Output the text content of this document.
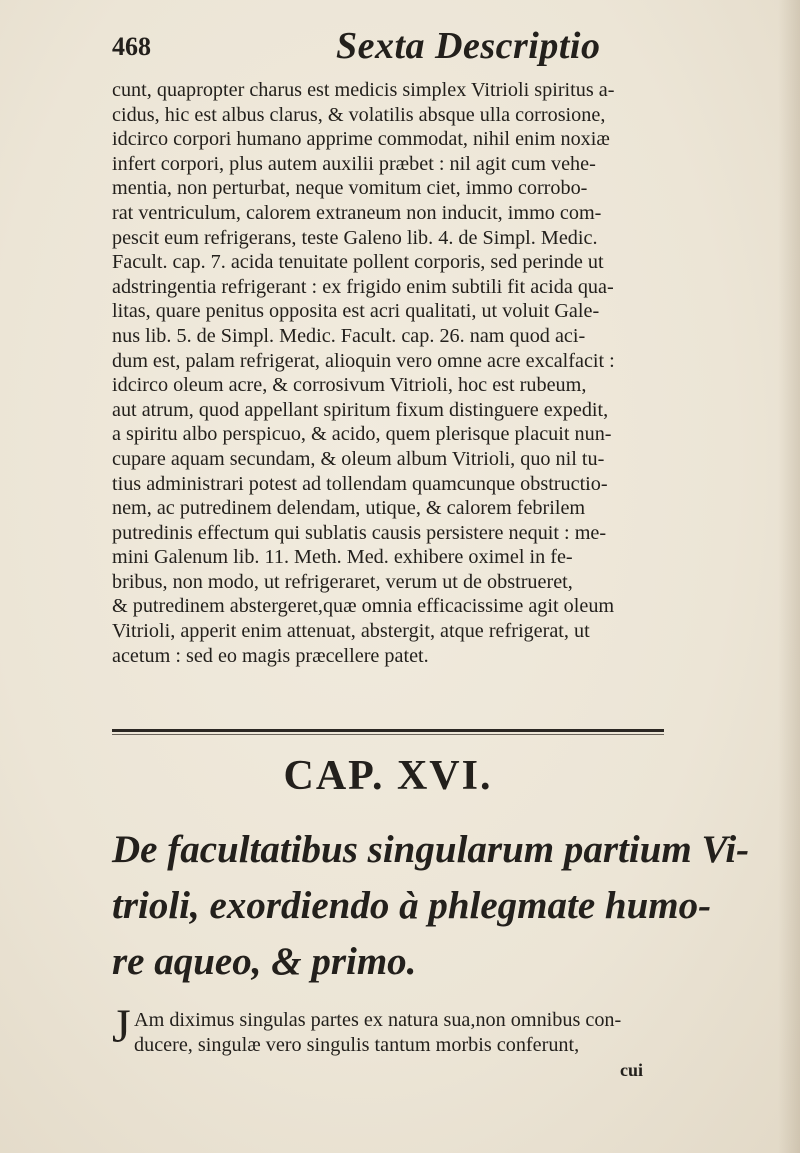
468	Sexta Descriptio
cunt, quapropter charus est medicis simplex Vitrioli spiritus a-
cidus, hic est albus clarus, & volatilis absque ulla corrosione,
idcirco corpori humano apprime commodat, nihil enim noxiæ
infert corpori, plus autem auxilii præbet : nil agit cum vehe-
mentia, non perturbat, neque vomitum ciet, immo corrobo-
rat ventriculum, calorem extraneum non inducit, immo com-
pescit eum refrigerans, teste Galeno lib. 4. de Simpl. Medic.
Facult. cap. 7. acida tenuitate pollent corporis, sed perinde ut
adstringentia refrigerant : ex frigido enim subtili fit acida qua-
litas, quare penitus opposita est acri qualitati, ut voluit Gale-
nus lib. 5. de Simpl. Medic. Facult. cap. 26. nam quod aci-
dum est, palam refrigerat, alioquin vero omne acre excalfacit :
idcirco oleum acre, & corrosivum Vitrioli, hoc est rubeum,
aut atrum, quod appellant spiritum fixum distinguere expedit,
a spiritu albo perspicuo, & acido, quem plerisque placuit nun-
cupare aquam secundam, & oleum album Vitrioli, quo nil tu-
tius administrari potest ad tollendam quamcunque obstructio-
nem, ac putredinem delendam, utique, & calorem febrilem
putredinis effectum qui sublatis causis persistere nequit : me-
mini Galenum lib. 11. Meth. Med. exhibere oximel in fe-
bribus, non modo, ut refrigeraret, verum ut de obstrueret,
& putredinem abstergeret,quæ omnia efficacissime agit oleum
Vitrioli, apperit enim attenuat, abstergit, atque refrigerat, ut
acetum : sed eo magis præcellere patet.
CAP. XVI.
De facultatibus singularum partium Vi-
trioli, exordiendo à phlegmate humo-
re aqueo, & primo.
J Am diximus singulas partes ex natura sua,non omnibus con-
ducere, singulæ vero singulis tantum morbis conferunt,
cui
